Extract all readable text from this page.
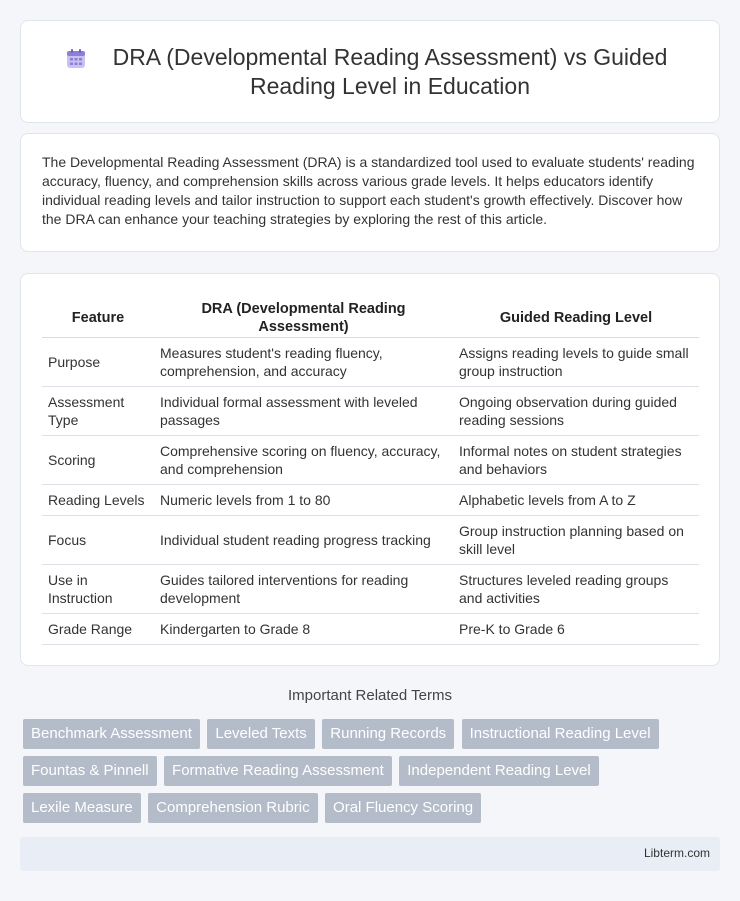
DRA (Developmental Reading Assessment) vs Guided Reading Level in Education

The Developmental Reading Assessment (DRA) is a standardized tool used to evaluate students' reading accuracy, fluency, and comprehension skills across various grade levels. It helps educators identify individual reading levels and tailor instruction to support each student's growth effectively. Discover how the DRA can enhance your teaching strategies by exploring the rest of this article.

Feature	DRA (Developmental Reading Assessment)	Guided Reading Level
Purpose	Measures student's reading fluency, comprehension, and accuracy	Assigns reading levels to guide small group instruction
Assessment Type	Individual formal assessment with leveled passages	Ongoing observation during guided reading sessions
Scoring	Comprehensive scoring on fluency, accuracy, and comprehension	Informal notes on student strategies and behaviors
Reading Levels	Numeric levels from 1 to 80	Alphabetic levels from A to Z
Focus	Individual student reading progress tracking	Group instruction planning based on skill level
Use in Instruction	Guides tailored interventions for reading development	Structures leveled reading groups and activities
Grade Range	Kindergarten to Grade 8	Pre-K to Grade 6
Important Related Terms
Benchmark Assessment Leveled Texts Running Records Instructional Reading Level
Fountas & Pinnell Formative Reading Assessment Independent Reading Level
Lexile Measure Comprehension Rubric Oral Fluency Scoring
Libterm.com
